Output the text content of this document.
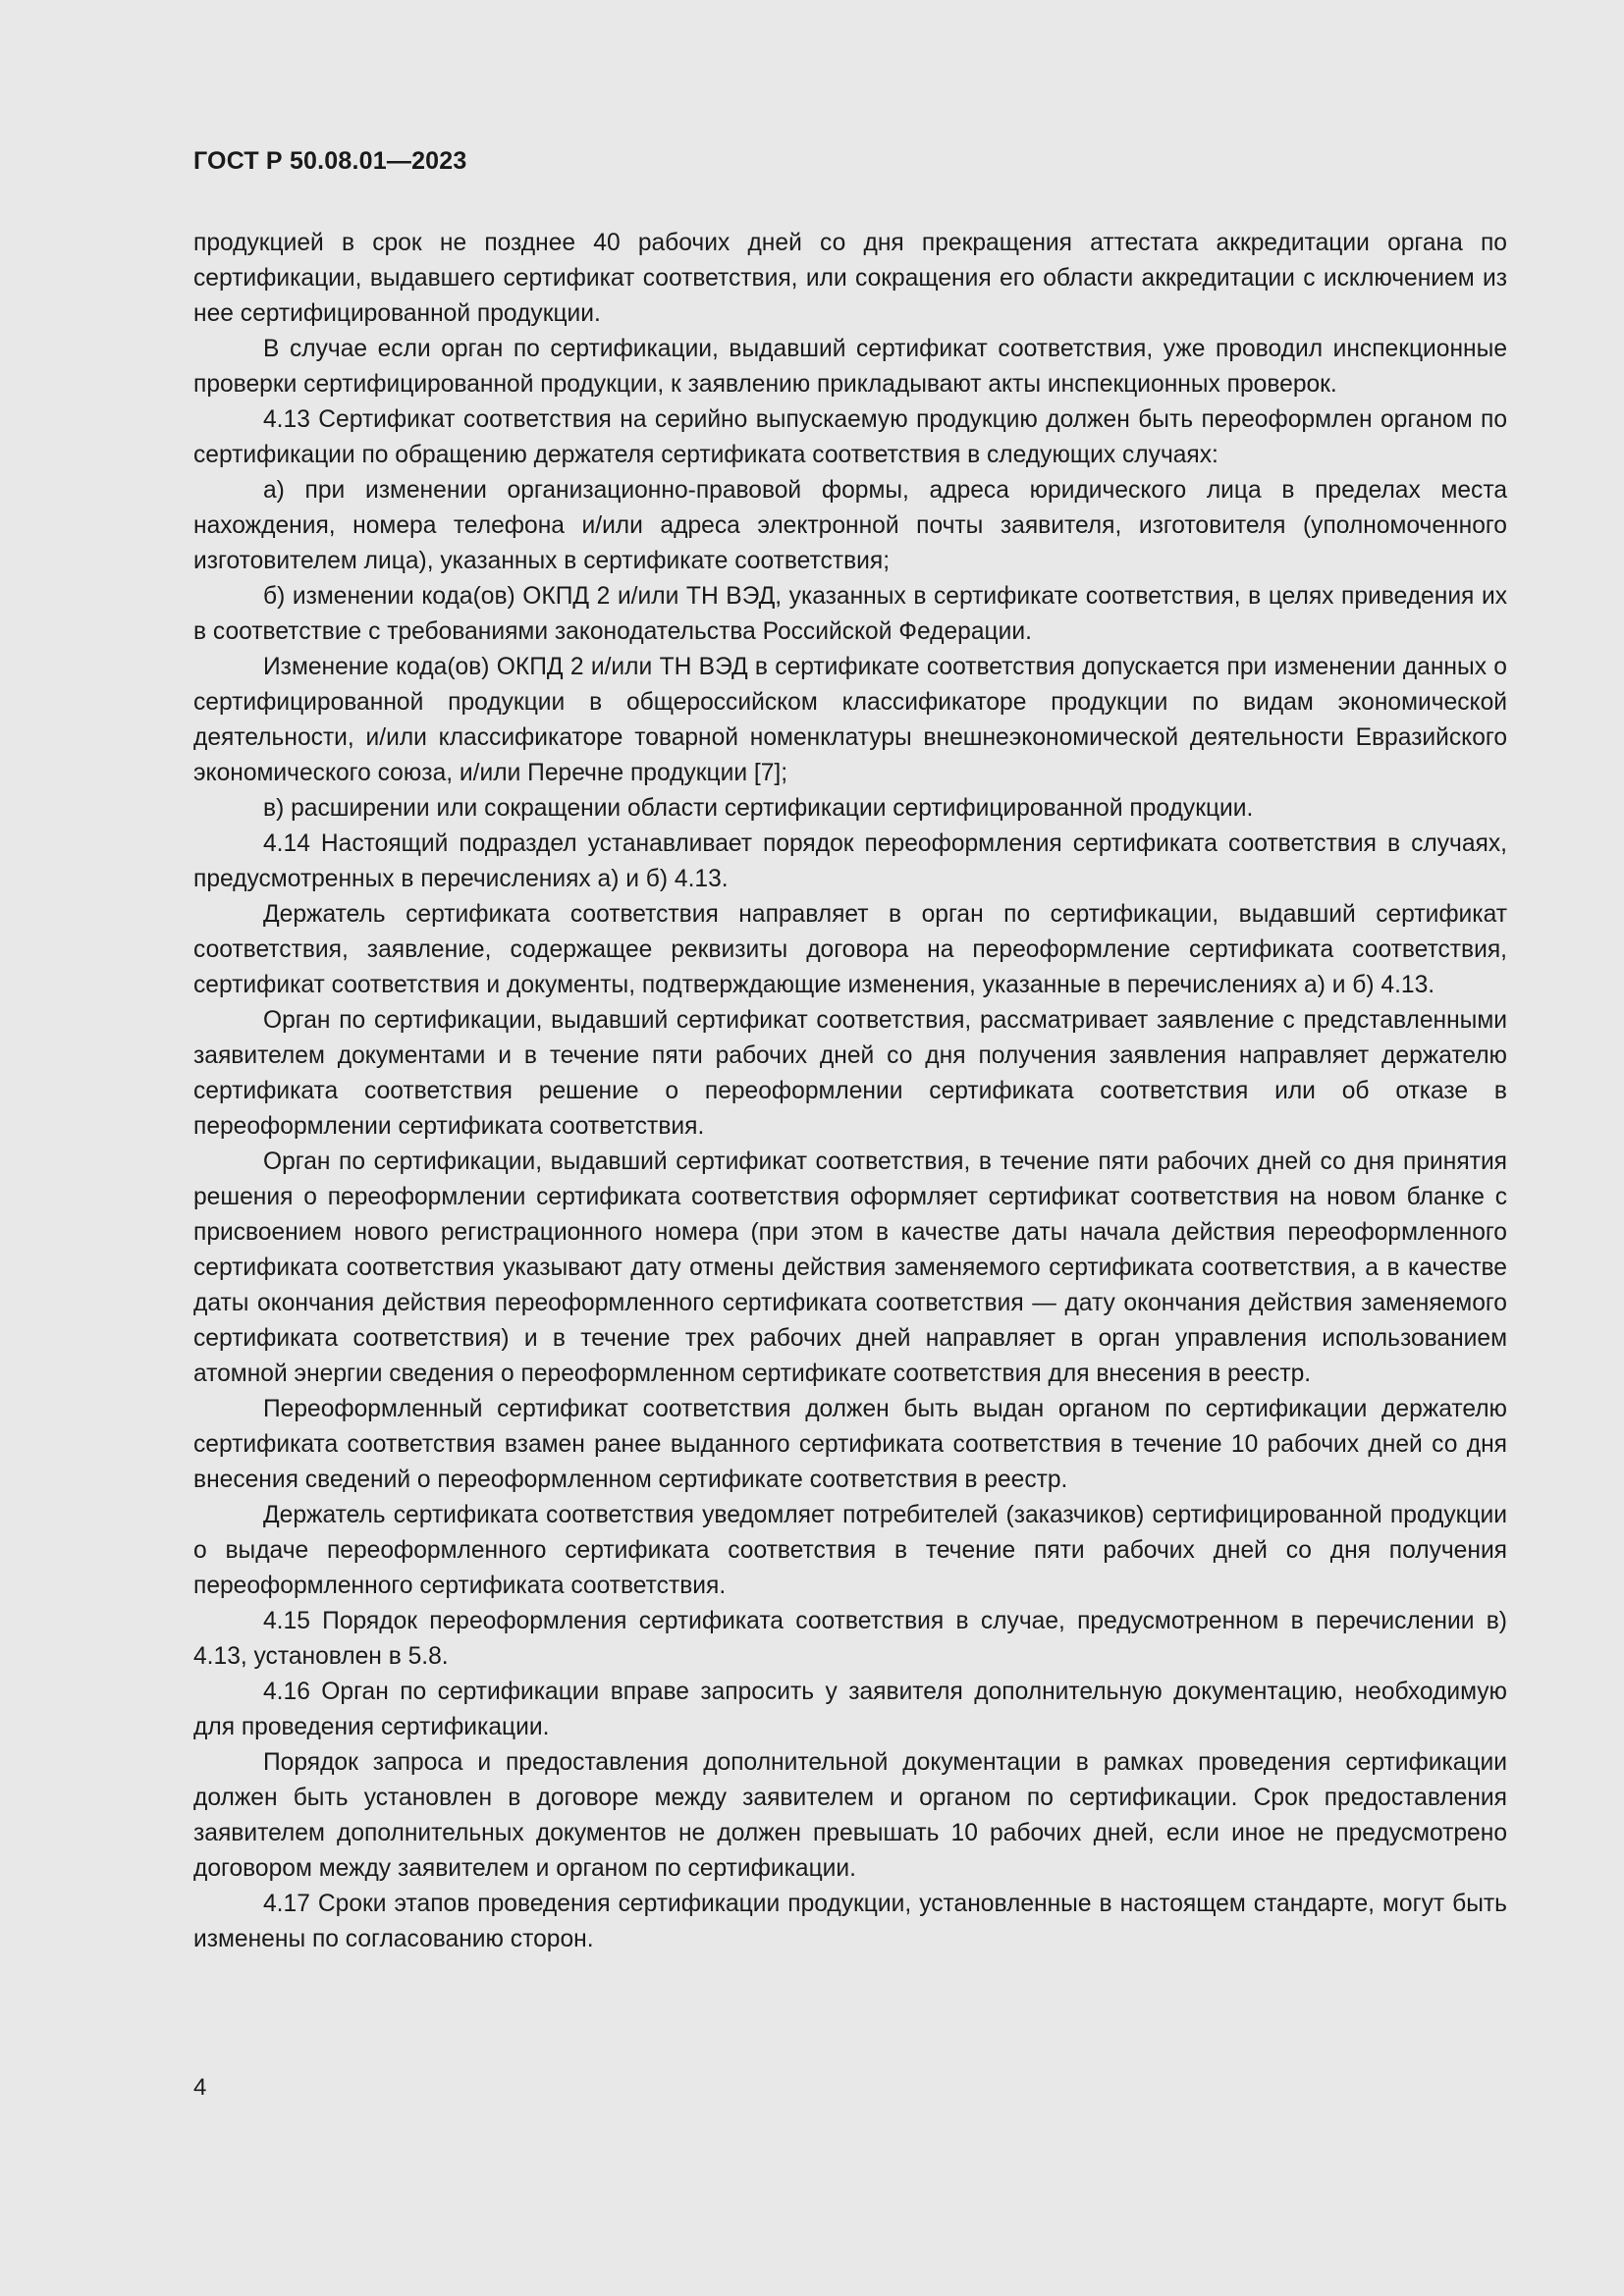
ГОСТ Р 50.08.01—2023

продукцией в срок не позднее 40 рабочих дней со дня прекращения аттестата аккредитации органа по сертификации, выдавшего сертификат соответствия, или сокращения его области аккредитации с исключением из нее сертифицированной продукции.

В случае если орган по сертификации, выдавший сертификат соответствия, уже проводил инспекционные проверки сертифицированной продукции, к заявлению прикладывают акты инспекционных проверок.

4.13 Сертификат соответствия на серийно выпускаемую продукцию должен быть переоформлен органом по сертификации по обращению держателя сертификата соответствия в следующих случаях:

а) при изменении организационно-правовой формы, адреса юридического лица в пределах места нахождения, номера телефона и/или адреса электронной почты заявителя, изготовителя (уполномоченного изготовителем лица), указанных в сертификате соответствия;

б) изменении кода(ов) ОКПД 2 и/или ТН ВЭД, указанных в сертификате соответствия, в целях приведения их в соответствие с требованиями законодательства Российской Федерации.

Изменение кода(ов) ОКПД 2 и/или ТН ВЭД в сертификате соответствия допускается при изменении данных о сертифицированной продукции в общероссийском классификаторе продукции по видам экономической деятельности, и/или классификаторе товарной номенклатуры внешнеэкономической деятельности Евразийского экономического союза, и/или Перечне продукции [7];

в) расширении или сокращении области сертификации сертифицированной продукции.

4.14 Настоящий подраздел устанавливает порядок переоформления сертификата соответствия в случаях, предусмотренных в перечислениях а) и б) 4.13.

Держатель сертификата соответствия направляет в орган по сертификации, выдавший сертификат соответствия, заявление, содержащее реквизиты договора на переоформление сертификата соответствия, сертификат соответствия и документы, подтверждающие изменения, указанные в перечислениях а) и б) 4.13.

Орган по сертификации, выдавший сертификат соответствия, рассматривает заявление с представленными заявителем документами и в течение пяти рабочих дней со дня получения заявления направляет держателю сертификата соответствия решение о переоформлении сертификата соответствия или об отказе в переоформлении сертификата соответствия.

Орган по сертификации, выдавший сертификат соответствия, в течение пяти рабочих дней со дня принятия решения о переоформлении сертификата соответствия оформляет сертификат соответствия на новом бланке с присвоением нового регистрационного номера (при этом в качестве даты начала действия переоформленного сертификата соответствия указывают дату отмены действия заменяемого сертификата соответствия, а в качестве даты окончания действия переоформленного сертификата соответствия — дату окончания действия заменяемого сертификата соответствия) и в течение трех рабочих дней направляет в орган управления использованием атомной энергии сведения о переоформленном сертификате соответствия для внесения в реестр.

Переоформленный сертификат соответствия должен быть выдан органом по сертификации держателю сертификата соответствия взамен ранее выданного сертификата соответствия в течение 10 рабочих дней со дня внесения сведений о переоформленном сертификате соответствия в реестр.

Держатель сертификата соответствия уведомляет потребителей (заказчиков) сертифицированной продукции о выдаче переоформленного сертификата соответствия в течение пяти рабочих дней со дня получения переоформленного сертификата соответствия.

4.15 Порядок переоформления сертификата соответствия в случае, предусмотренном в перечислении в) 4.13, установлен в 5.8.

4.16 Орган по сертификации вправе запросить у заявителя дополнительную документацию, необходимую для проведения сертификации.

Порядок запроса и предоставления дополнительной документации в рамках проведения сертификации должен быть установлен в договоре между заявителем и органом по сертификации. Срок предоставления заявителем дополнительных документов не должен превышать 10 рабочих дней, если иное не предусмотрено договором между заявителем и органом по сертификации.

4.17 Сроки этапов проведения сертификации продукции, установленные в настоящем стандарте, могут быть изменены по согласованию сторон.

4
